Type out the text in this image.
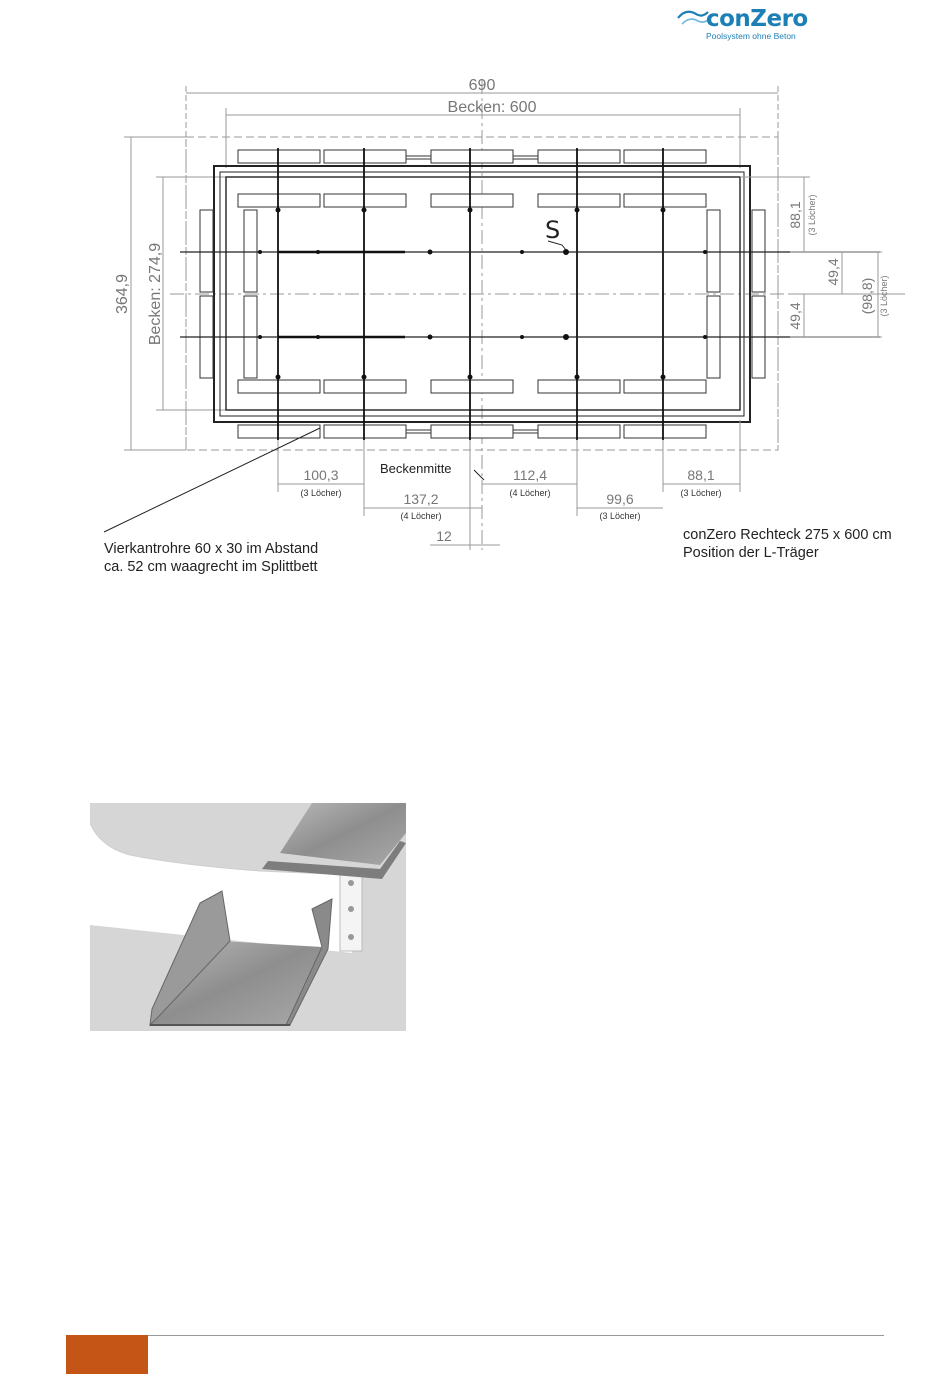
conZero
Poolsystem ohne Beton
S
690
Becken: 600
364,9 Becken: 274,9
88,1 (3 Löcher)
49,4
49,4
(98,8) (3 Löcher)
100,3
(3 Löcher)	137,2
(4 Löcher)
112,4
(4 Löcher)	99,6
(3 Löcher)
88,1
(3 Löcher)
12
Beckenmitte
Vierkantrohre 60 x 30 im Abstand
ca. 52 cm waagrecht im Splittbett
conZero Rechteck 275 x 600 cm
Position der L-Träger
